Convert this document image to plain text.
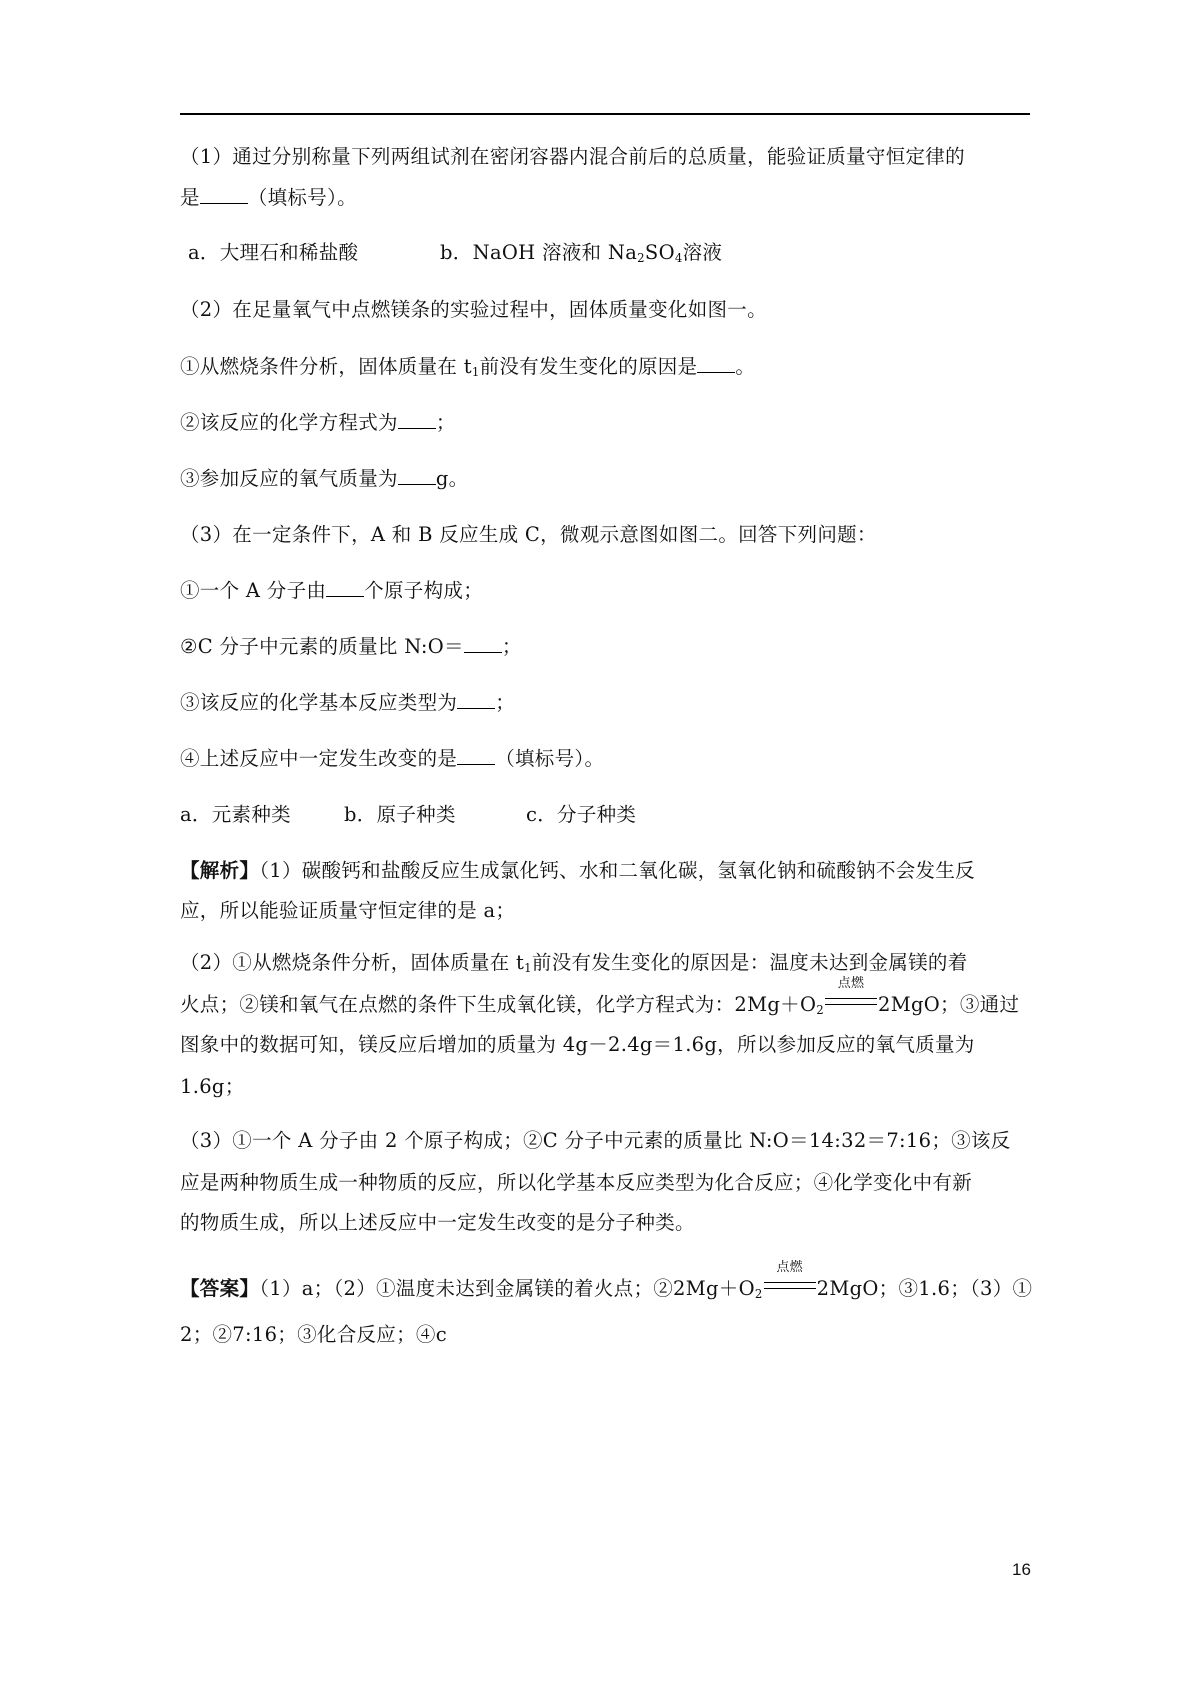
（1）通过分别称量下列两组试剂在密闭容器内混合前后的总质量，能验证质量守恒定律的
是 （填标号）。
a．大理石和稀盐酸	b．NaOH 溶液和 $Na_2SO_4$溶液
（2）在足量氧气中点燃镁条的实验过程中，固体质量变化如图一。
①从燃烧条件分析，固体质量在 $t_1$前没有发生变化的原因是 。
②该反应的化学方程式为 ；
③参加反应的氧气质量为 g。
（3）在一定条件下，A 和 B 反应生成 C，微观示意图如图二。回答下列问题：
①一个 A 分子由 个原子构成；
②C 分子中元素的质量比 N:O＝ ；
③该反应的化学基本反应类型为 ；
④上述反应中一定发生改变的是 （填标号）。
a．元素种类	b．原子种类	c．分子种类
【解析】（1）碳酸钙和盐酸反应生成氯化钙、水和二氧化碳，氢氧化钠和硫酸钠不会发生反
应，所以能验证质量守恒定律的是 a；
（2）①从燃烧条件分析，固体质量在 $t_1$前没有发生变化的原因是：温度未达到金属镁的着
火点；②镁和氧气在点燃的条件下生成氧化镁，化学方程式为：$2Mg+O_2$
点燃
2MgO；③通过
图象中的数据可知，镁反应后增加的质量为 4g－2.4g＝1.6g，所以参加反应的氧气质量为
1.6g；
（3）①一个 A 分子由 2 个原子构成；②C 分子中元素的质量比 N:O＝14:32＝7:16；③该反
应是两种物质生成一种物质的反应，所以化学基本反应类型为化合反应；④化学变化中有新
的物质生成，所以上述反应中一定发生改变的是分子种类。
【答案】（1）a；（2）①温度未达到金属镁的着火点；$②2Mg+O_2$
点燃
2MgO；③1.6；（3）①
2；②7:16；③化合反应；④c
16
